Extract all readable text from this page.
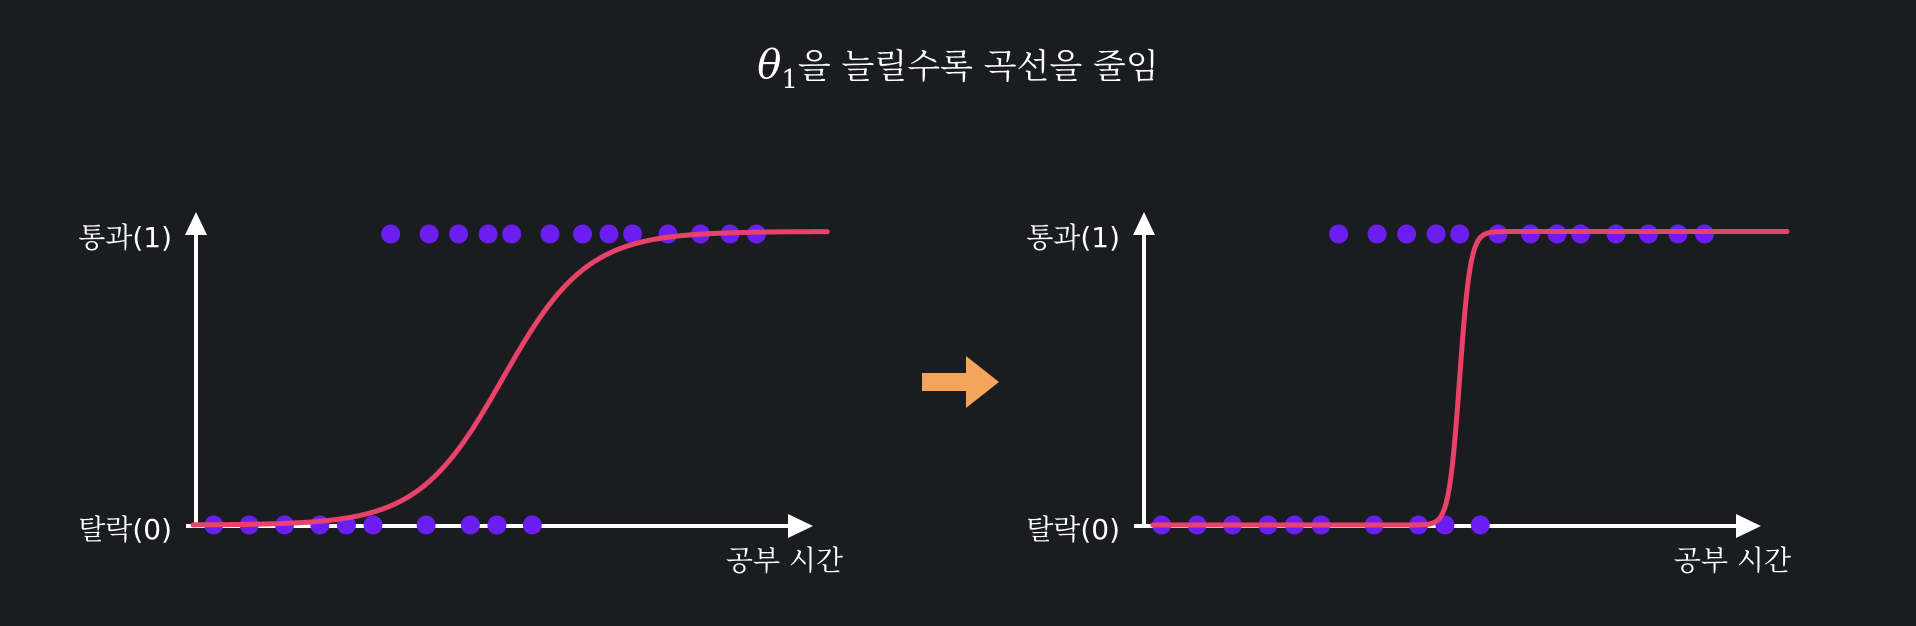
$\theta_1$을 늘릴수록 곡선을 줄임
통과(1)
탈락(0)
공부 시간
통과(1)
탈락(0)
공부 시간
